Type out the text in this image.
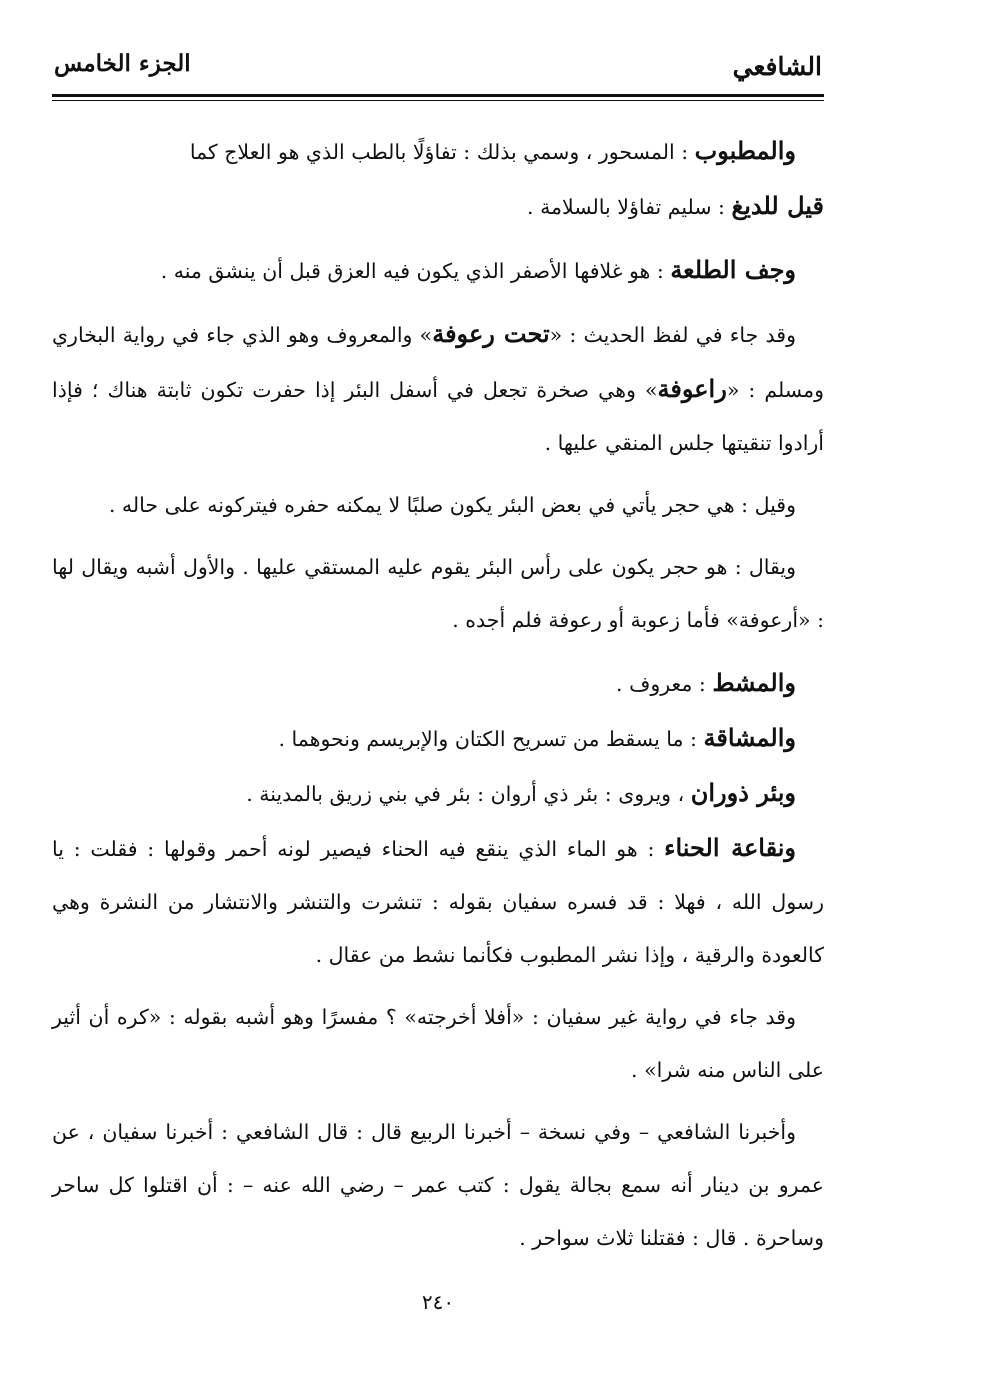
الشافعي
الجزء الخامس

والمطبوب : المسحور ، وسمي بذلك : تفاؤلًا بالطب الذي هو العلاج كما

قيل للديغ : سليم تفاؤلا بالسلامة .

وجف الطلعة : هو غلافها الأصفر الذي يكون فيه العزق قبل أن ينشق منه .

وقد جاء في لفظ الحديث : «تحت رعوفة» والمعروف وهو الذي جاء في رواية البخاري ومسلم : «راعوفة» وهي صخرة تجعل في أسفل البئر إذا حفرت تكون ثابتة هناك ؛ فإذا أرادوا تنقيتها جلس المنقي عليها .

وقيل : هي حجر يأتي في بعض البئر يكون صلبًا لا يمكنه حفره فيتركونه على حاله .

ويقال : هو حجر يكون على رأس البئر يقوم عليه المستقي عليها . والأول أشبه ويقال لها : «أرعوفة» فأما زعوبة أو رعوفة فلم أجده .

والمشط : معروف .

والمشاقة : ما يسقط من تسريح الكتان والإبريسم ونحوهما .

وبئر ذوران ، ويروى : بئر ذي أروان : بئر في بني زريق بالمدينة .

ونقاعة الحناء : هو الماء الذي ينقع فيه الحناء فيصير لونه أحمر وقولها : فقلت : يا رسول الله ، فهلا : قد فسره سفيان بقوله : تنشرت والتنشر والانتشار من النشرة وهي كالعودة والرقية ، وإذا نشر المطبوب فكأنما نشط من عقال .

وقد جاء في رواية غير سفيان : «أفلا أخرجته» ؟ مفسرًا وهو أشبه بقوله : «كره أن أثير على الناس منه شرا» .

وأخبرنا الشافعي – وفي نسخة – أخبرنا الربيع قال : قال الشافعي : أخبرنا سفيان ، عن عمرو بن دينار أنه سمع بجالة يقول : كتب عمر – رضي الله عنه – : أن اقتلوا كل ساحر وساحرة . قال : فقتلنا ثلاث سواحر .

٢٤٠
